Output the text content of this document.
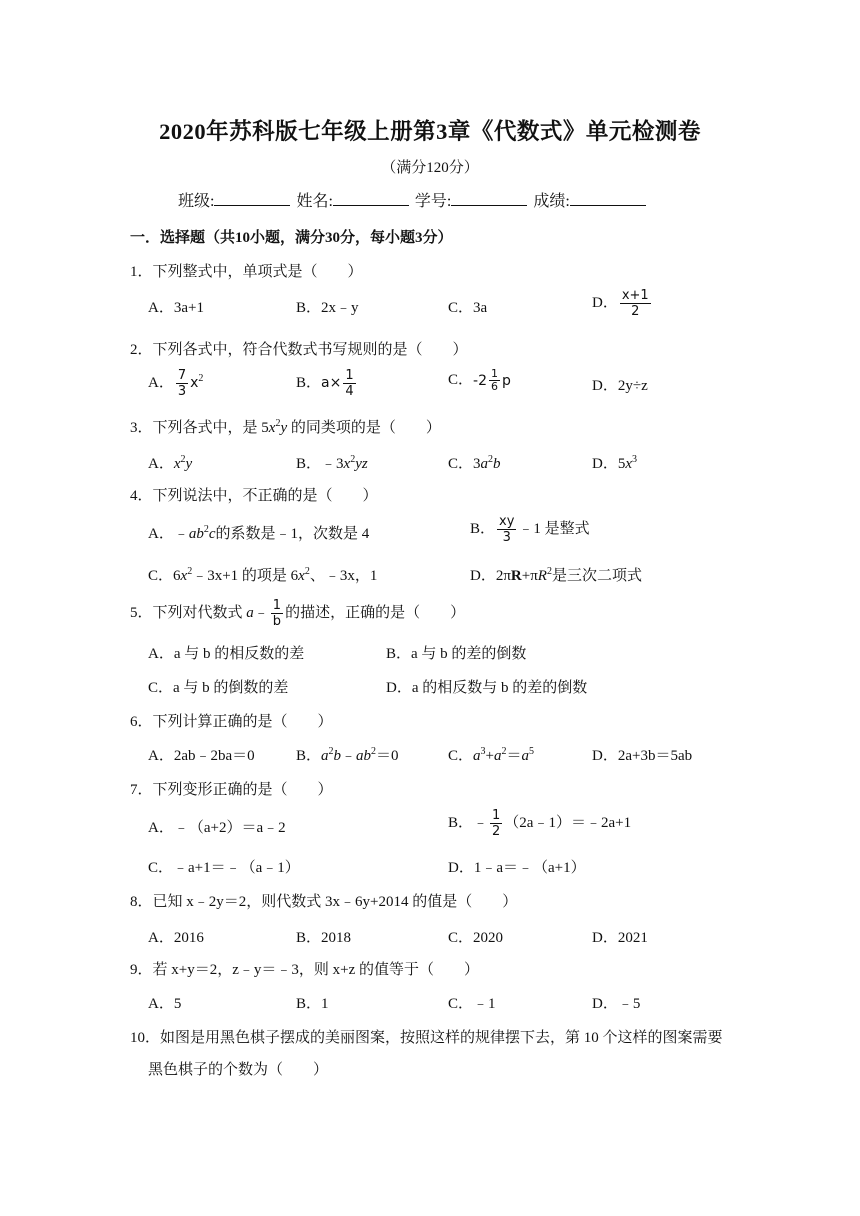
2020年苏科版七年级上册第3章《代数式》单元检测卷
（满分120分）
班级:	姓名:	学号:	成绩:
一．选择题（共10小题，满分30分，每小题3分）
1．下列整式中，单项式是（　　）
A．3a+1	B．2x﹣y	C．3a	D． $\frac{x+1}{2}$
2．下列各式中，符合代数式书写规则的是（　　）
A． $\frac{7}{3} x^2$	B．$a\times \frac{1}{4}$	C． $-2 \frac{1}{6}$ p	D．2y÷z
3．下列各式中，是 $5x^2y$ 的同类项的是（　　）
A．$x^2y$	B．$﹣3x^2yz$	C．$3a^2b$	D．$5x^3$
4．下列说法中，不正确的是（　　）
A．$﹣ab^2c$的系数是﹣1，次数是 4	B． $\frac{xy}{3}$ ﹣1 是整式
C．$6x^2﹣3x+1$ 的项是 $6x^2$、﹣3x，1	D．$2\pi R+\pi R^2$是三次二项式
5．下列对代数式 a﹣ $\frac{1}{b}$ 的描述，正确的是（　　）
A．a 与 b 的相反数的差	B．a 与 b 的差的倒数
C．a 与 b 的倒数的差	D．a 的相反数与 b 的差的倒数
6．下列计算正确的是（　　）
A．2ab﹣2ba＝0	B．$a^2b﹣ab^2=0$	C．$a^3+a^2=a^5$	D．2a+3b＝5ab
7．下列变形正确的是（　　）
A．﹣（a+2）＝a﹣2	B．﹣ $\frac{1}{2}$ （2a﹣1）＝﹣2a+1
C．﹣a+1＝﹣（a﹣1）	D．1﹣a＝﹣（a+1）
8．已知 x﹣2y＝2，则代数式 3x﹣6y+2014 的值是（　　）
A．2016	B．2018	C．2020	D．2021
9．若 x+y＝2，z﹣y＝﹣3，则 x+z 的值等于（　　）
A．5	B．1	C．﹣1	D．﹣5
10．如图是用黑色棋子摆成的美丽图案，按照这样的规律摆下去，第 10 个这样的图案需要
黑色棋子的个数为（　　）
